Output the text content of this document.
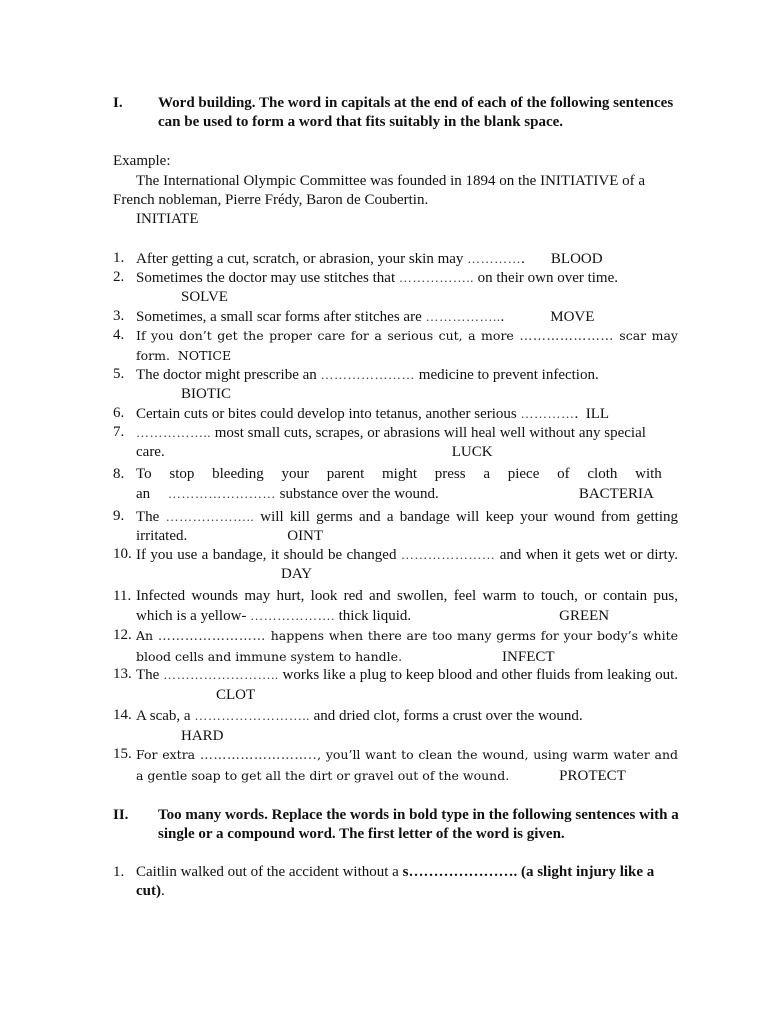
I. Word building. The word in capitals at the end of each of the following sentences can be used to form a word that fits suitably in the blank space.
Example:
The International Olympic Committee was founded in 1894 on the INITIATIVE of a French nobleman, Pierre Frédy, Baron de Coubertin.
INITIATE
1. After getting a cut, scratch, or abrasion, your skin may …………. BLOOD
2. Sometimes the doctor may use stitches that …………….. on their own over time.
SOLVE
3. Sometimes, a small scar forms after stitches are ……………...	MOVE
4. If you don’t get the proper care for a serious cut, a more ………………… scar may form. NOTICE
5. The doctor might prescribe an ………………… medicine to prevent infection.
BIOTIC
6. Certain cuts or bites could develop into tetanus, another serious …………. ILL
7. …………….. most small cuts, scrapes, or abrasions will heal well without any special care.	LUCK
8. To stop bleeding your parent might press a piece of cloth with an …………………… substance over the wound.	BACTERIA
9. The ……………….. will kill germs and a bandage will keep your wound from getting irritated.	OINT
10. If you use a bandage, it should be changed ………………… and when it gets wet or dirty.DAY
11. Infected wounds may hurt, look red and swollen, feel warm to touch, or contain pus, which is a yellow- ………………. thick liquid.	GREEN
12. An …………………… happens when there are too many germs for your body’s white blood cells and immune system to handle.	INFECT
13. The …………………….. works like a plug to keep blood and other fluids from leaking out.CLOT
14. A scab, a …………………….. and dried clot, forms a crust over the wound.
HARD
15. For extra …………………….., you’ll want to clean the wound, using warm water and a gentle soap to get all the dirt or gravel out of the wound.	PROTECT
II. Too many words. Replace the words in bold type in the following sentences with a single or a compound word. The first letter of the word is given.
1. Caitlin walked out of the accident without a s…………………. (a slight injury like a cut).
